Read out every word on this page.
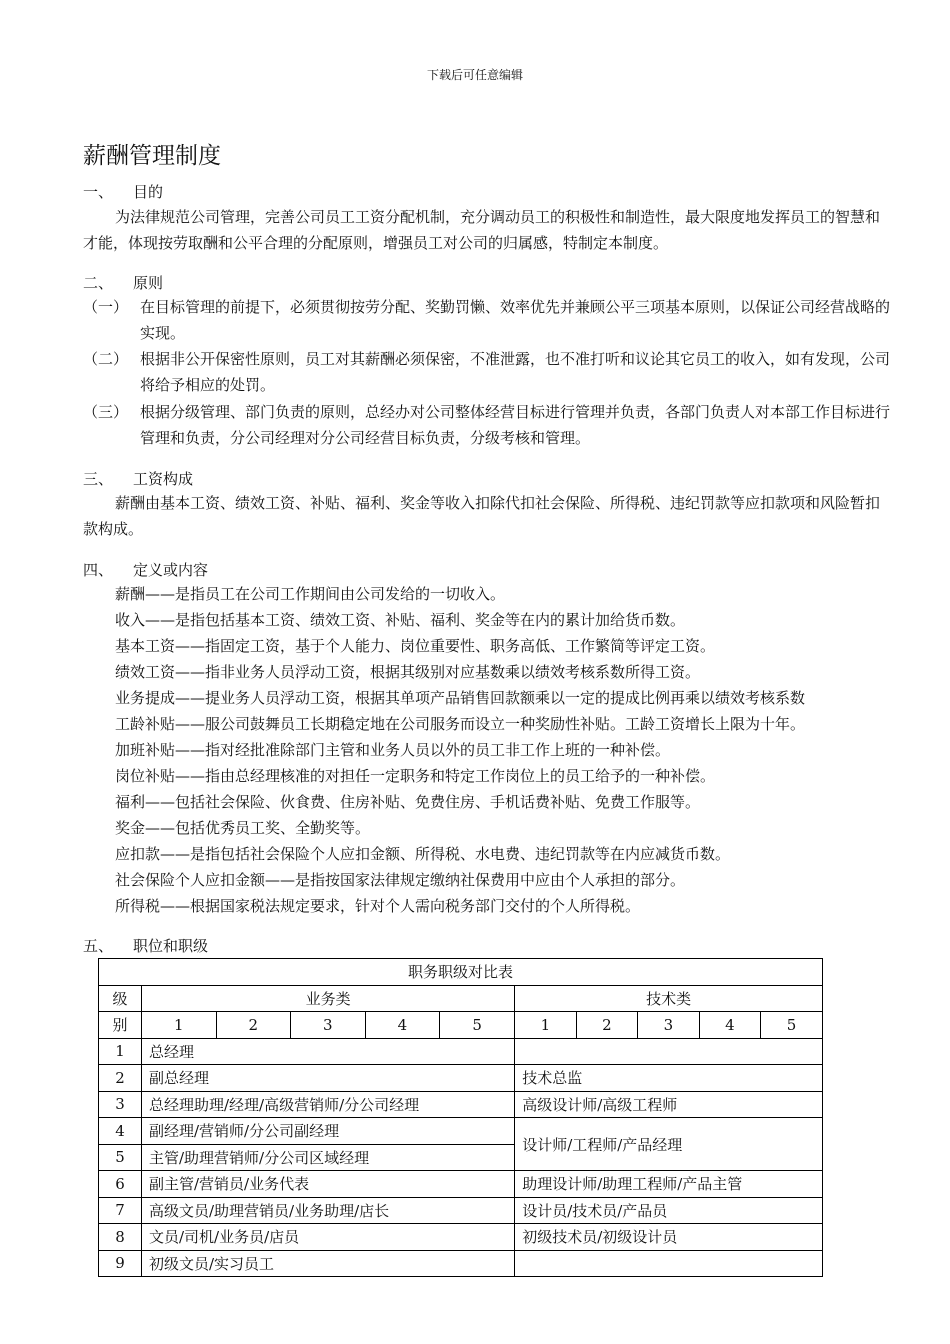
下载后可任意编辑
薪酬管理制度
一、 目的
为法律规范公司管理，完善公司员工工资分配机制，充分调动员工的积极性和制造性，最大限度地发挥员工的智慧和才能，体现按劳取酬和公平合理的分配原则，增强员工对公司的归属感，特制定本制度。
二、 原则
（一） 在目标管理的前提下，必须贯彻按劳分配、奖勤罚懒、效率优先并兼顾公平三项基本原则，以保证公司经营战略的实现。
（二） 根据非公开保密性原则，员工对其薪酬必须保密，不准泄露，也不准打听和议论其它员工的收入，如有发现，公司将给予相应的处罚。
（三） 根据分级管理、部门负责的原则，总经办对公司整体经营目标进行管理并负责，各部门负责人对本部工作目标进行管理和负责，分公司经理对分公司经营目标负责，分级考核和管理。
三、 工资构成
薪酬由基本工资、绩效工资、补贴、福利、奖金等收入扣除代扣社会保险、所得税、违纪罚款等应扣款项和风险暂扣款构成。
四、 定义或内容
薪酬——是指员工在公司工作期间由公司发给的一切收入。
收入——是指包括基本工资、绩效工资、补贴、福利、奖金等在内的累计加给货币数。
基本工资——指固定工资，基于个人能力、岗位重要性、职务高低、工作繁简等评定工资。
绩效工资——指非业务人员浮动工资，根据其级别对应基数乘以绩效考核系数所得工资。
业务提成——提业务人员浮动工资，根据其单项产品销售回款额乘以一定的提成比例再乘以绩效考核系数
工龄补贴——服公司鼓舞员工长期稳定地在公司服务而设立一种奖励性补贴。工龄工资增长上限为十年。
加班补贴——指对经批准除部门主管和业务人员以外的员工非工作上班的一种补偿。
岗位补贴——指由总经理核准的对担任一定职务和特定工作岗位上的员工给予的一种补偿。
福利——包括社会保险、伙食费、住房补贴、免费住房、手机话费补贴、免费工作服等。
奖金——包括优秀员工奖、全勤奖等。
应扣款——是指包括社会保险个人应扣金额、所得税、水电费、违纪罚款等在内应减货币数。
社会保险个人应扣金额——是指按国家法律规定缴纳社保费用中应由个人承担的部分。
所得税——根据国家税法规定要求，针对个人需向税务部门交付的个人所得税。
五、 职位和职级
职务职级对比表										
级	业务类					技术类				
别	1	2	3	4	5	1	2	3	4	5
1	总经理									
2	副总经理					技术总监				
3	总经理助理/经理/高级营销师/分公司经理					高级设计师/高级工程师				
4	副经理/营销师/分公司副经理					设计师/工程师/产品经理				
5	主管/助理营销师/分公司区域经理									
6	副主管/营销员/业务代表					助理设计师/助理工程师/产品主管				
7	高级文员/助理营销员/业务助理/店长					设计员/技术员/产品员				
8	文员/司机/业务员/店员					初级技术员/初级设计员				
9	初级文员/实习员工									
